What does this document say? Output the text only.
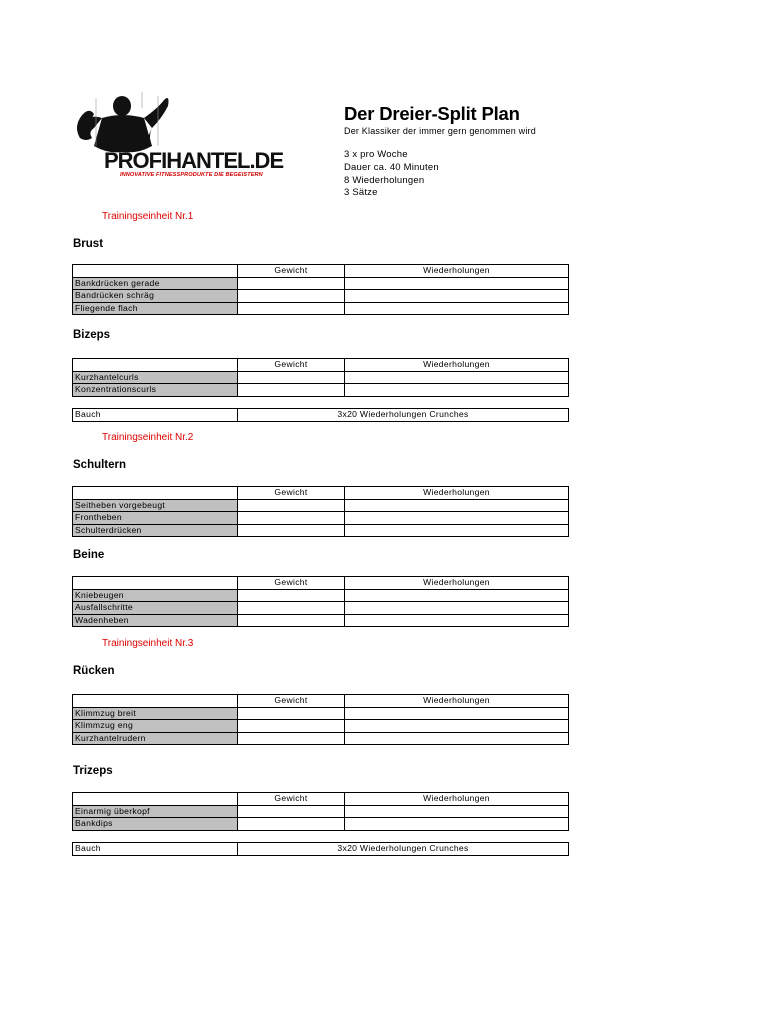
PROFIHANTEL.DE
INNOVATIVE FITNESSPRODUKTE DIE BEGEISTERN
Der Dreier-Split Plan
Der Klassiker der immer gern genommen wird
3 x pro Woche
Dauer ca. 40 Minuten
8 Wiederholungen
3 Sätze
Trainingseinheit Nr.1
Brust
	Gewicht	Wiederholungen
Bankdrücken gerade		
Bandrücken schräg		
Fliegende flach		
Bizeps
	Gewicht	Wiederholungen
Kurzhantelcurls		
Konzentrationscurls		
Bauch	3x20 Wiederholungen Crunches
Trainingseinheit Nr.2
Schultern
	Gewicht	Wiederholungen
Seitheben vorgebeugt		
Frontheben		
Schulterdrücken		
Beine
	Gewicht	Wiederholungen
Kniebeugen		
Ausfallschritte		
Wadenheben		
Trainingseinheit Nr.3
Rücken
	Gewicht	Wiederholungen
Klimmzug breit		
Klimmzug eng		
Kurzhantelrudern		
Trizeps
	Gewicht	Wiederholungen
Einarmig überkopf		
Bankdips		
Bauch	3x20 Wiederholungen Crunches
